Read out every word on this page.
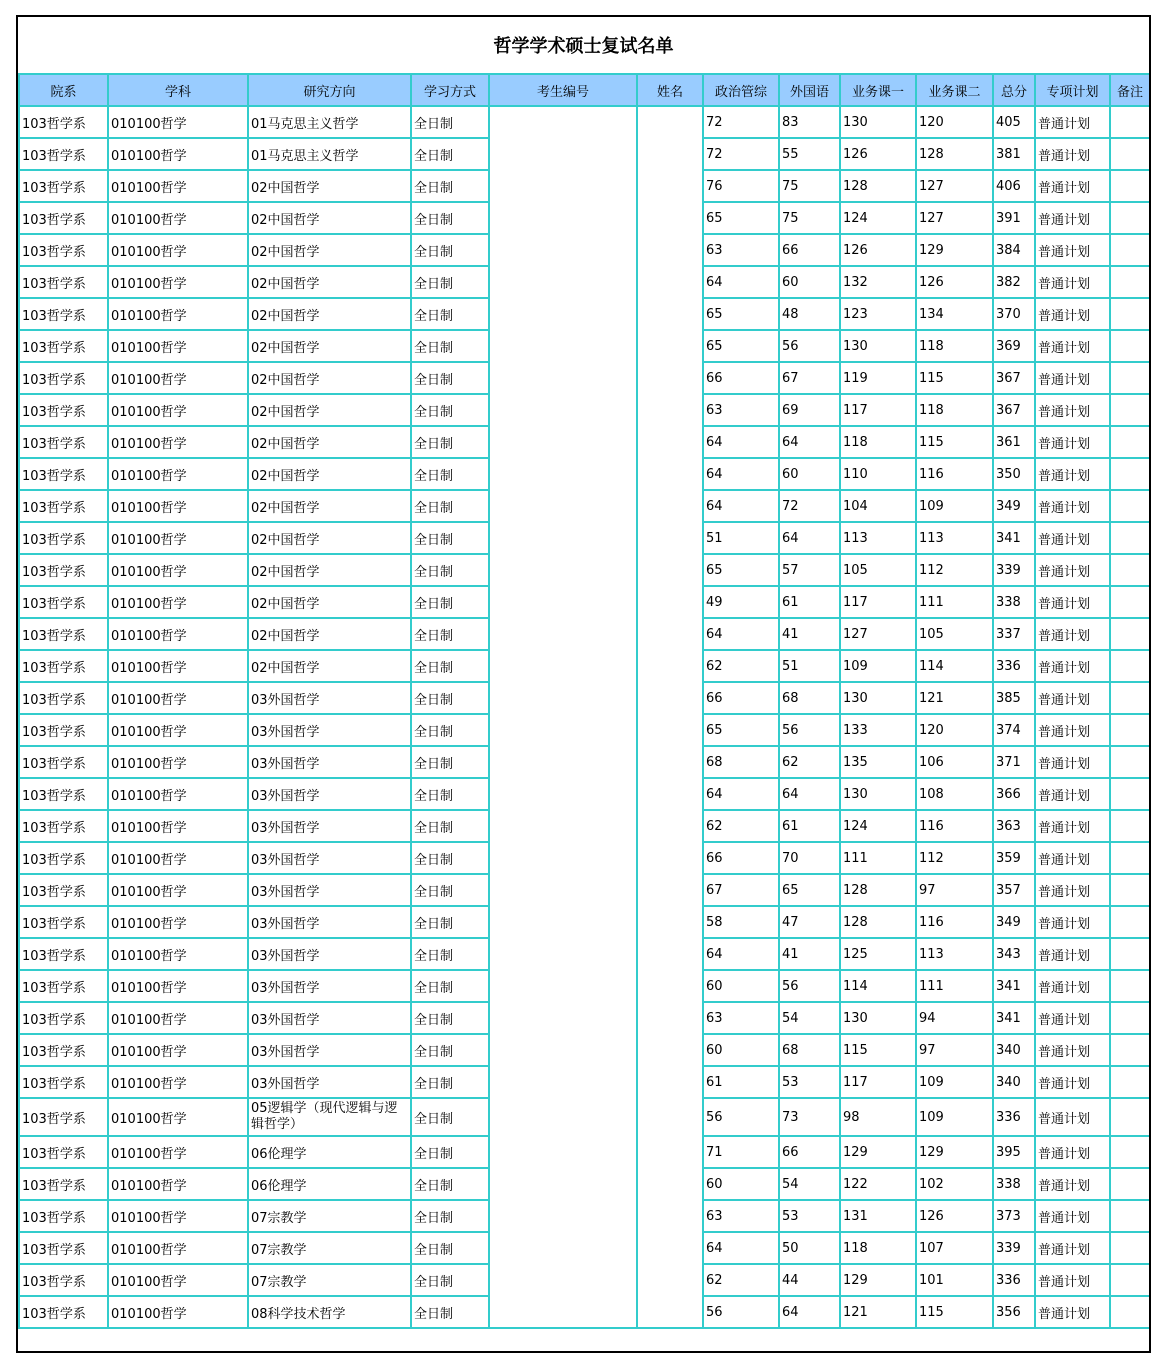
哲学学术硕士复试名单
院系	学科	研究方向	学习方式	考生编号	姓名	政治管综	外国语	业务课一	业务课二	总分	专项计划	备注
103哲学系	010100哲学	01马克思主义哲学	全日制			72	83	130	120	405	普通计划	
103哲学系	010100哲学	01马克思主义哲学	全日制			72	55	126	128	381	普通计划	
103哲学系	010100哲学	02中国哲学	全日制			76	75	128	127	406	普通计划	
103哲学系	010100哲学	02中国哲学	全日制			65	75	124	127	391	普通计划	
103哲学系	010100哲学	02中国哲学	全日制			63	66	126	129	384	普通计划	
103哲学系	010100哲学	02中国哲学	全日制			64	60	132	126	382	普通计划	
103哲学系	010100哲学	02中国哲学	全日制			65	48	123	134	370	普通计划	
103哲学系	010100哲学	02中国哲学	全日制			65	56	130	118	369	普通计划	
103哲学系	010100哲学	02中国哲学	全日制			66	67	119	115	367	普通计划	
103哲学系	010100哲学	02中国哲学	全日制			63	69	117	118	367	普通计划	
103哲学系	010100哲学	02中国哲学	全日制			64	64	118	115	361	普通计划	
103哲学系	010100哲学	02中国哲学	全日制			64	60	110	116	350	普通计划	
103哲学系	010100哲学	02中国哲学	全日制			64	72	104	109	349	普通计划	
103哲学系	010100哲学	02中国哲学	全日制			51	64	113	113	341	普通计划	
103哲学系	010100哲学	02中国哲学	全日制			65	57	105	112	339	普通计划	
103哲学系	010100哲学	02中国哲学	全日制			49	61	117	111	338	普通计划	
103哲学系	010100哲学	02中国哲学	全日制			64	41	127	105	337	普通计划	
103哲学系	010100哲学	02中国哲学	全日制			62	51	109	114	336	普通计划	
103哲学系	010100哲学	03外国哲学	全日制			66	68	130	121	385	普通计划	
103哲学系	010100哲学	03外国哲学	全日制			65	56	133	120	374	普通计划	
103哲学系	010100哲学	03外国哲学	全日制			68	62	135	106	371	普通计划	
103哲学系	010100哲学	03外国哲学	全日制			64	64	130	108	366	普通计划	
103哲学系	010100哲学	03外国哲学	全日制			62	61	124	116	363	普通计划	
103哲学系	010100哲学	03外国哲学	全日制			66	70	111	112	359	普通计划	
103哲学系	010100哲学	03外国哲学	全日制			67	65	128	97	357	普通计划	
103哲学系	010100哲学	03外国哲学	全日制			58	47	128	116	349	普通计划	
103哲学系	010100哲学	03外国哲学	全日制			64	41	125	113	343	普通计划	
103哲学系	010100哲学	03外国哲学	全日制			60	56	114	111	341	普通计划	
103哲学系	010100哲学	03外国哲学	全日制			63	54	130	94	341	普通计划	
103哲学系	010100哲学	03外国哲学	全日制			60	68	115	97	340	普通计划	
103哲学系	010100哲学	03外国哲学	全日制			61	53	117	109	340	普通计划	
103哲学系	010100哲学	05逻辑学（现代逻辑与逻辑哲学）	全日制			56	73	98	109	336	普通计划	
103哲学系	010100哲学	06伦理学	全日制			71	66	129	129	395	普通计划	
103哲学系	010100哲学	06伦理学	全日制			60	54	122	102	338	普通计划	
103哲学系	010100哲学	07宗教学	全日制			63	53	131	126	373	普通计划	
103哲学系	010100哲学	07宗教学	全日制			64	50	118	107	339	普通计划	
103哲学系	010100哲学	07宗教学	全日制			62	44	129	101	336	普通计划	
103哲学系	010100哲学	08科学技术哲学	全日制			56	64	121	115	356	普通计划	
